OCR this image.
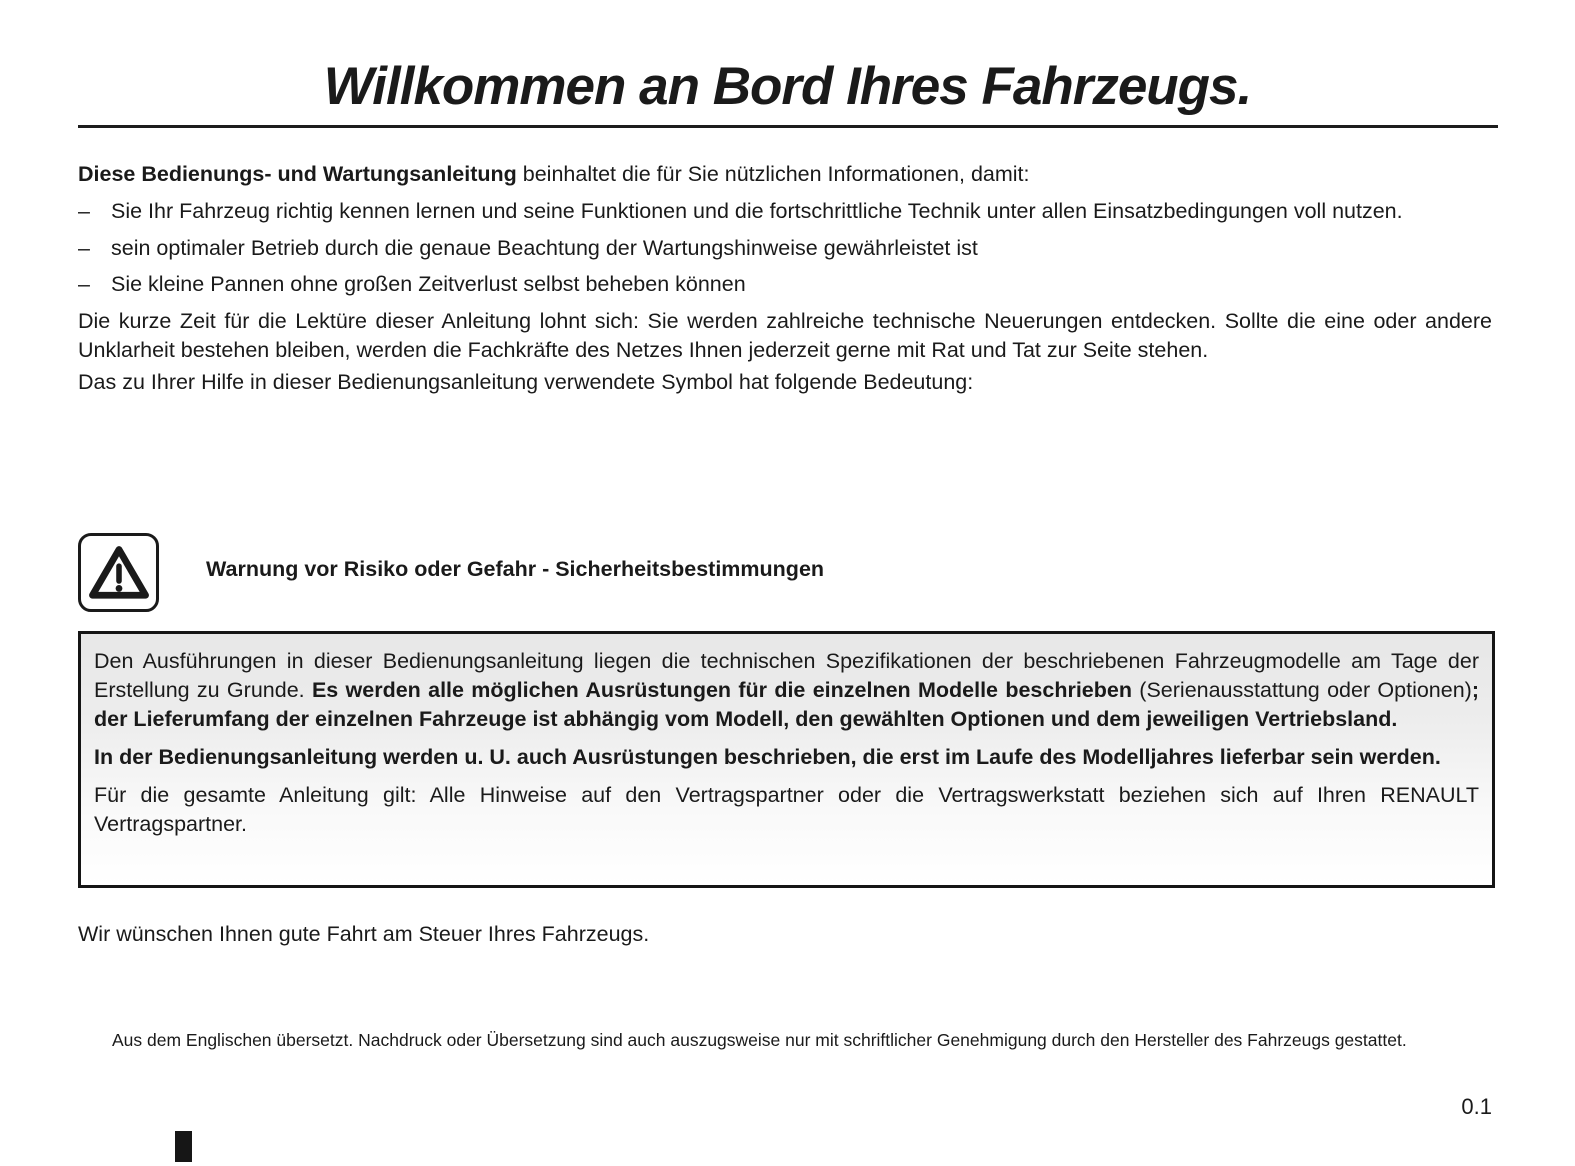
Willkommen an Bord Ihres Fahrzeugs.
Diese Bedienungs- und Wartungsanleitung beinhaltet die für Sie nützlichen Informationen, damit:
– Sie Ihr Fahrzeug richtig kennen lernen und seine Funktionen und die fortschrittliche Technik unter allen Einsatzbedingungen voll nutzen.
– sein optimaler Betrieb durch die genaue Beachtung der Wartungshinweise gewährleistet ist
– Sie kleine Pannen ohne großen Zeitverlust selbst beheben können
Die kurze Zeit für die Lektüre dieser Anleitung lohnt sich: Sie werden zahlreiche technische Neuerungen entdecken. Sollte die eine oder andere Unklarheit bestehen bleiben, werden die Fachkräfte des Netzes Ihnen jederzeit gerne mit Rat und Tat zur Seite stehen.
Das zu Ihrer Hilfe in dieser Bedienungsanleitung verwendete Symbol hat folgende Bedeutung:
Warnung vor Risiko oder Gefahr - Sicherheitsbestimmungen

Den Ausführungen in dieser Bedienungsanleitung liegen die technischen Spezifikationen der beschriebenen Fahrzeugmodelle am Tage der Erstellung zu Grunde. Es werden alle möglichen Ausrüstungen für die einzelnen Modelle beschrieben (Serienausstattung oder Optionen); der Lieferumfang der einzelnen Fahrzeuge ist abhängig vom Modell, den gewählten Optionen und dem jeweiligen Vertriebsland.

In der Bedienungsanleitung werden u. U. auch Ausrüstungen beschrieben, die erst im Laufe des Modelljahres lieferbar sein werden.

Für die gesamte Anleitung gilt: Alle Hinweise auf den Vertragspartner oder die Vertragswerkstatt beziehen sich auf Ihren RENAULT Vertragspartner.

Wir wünschen Ihnen gute Fahrt am Steuer Ihres Fahrzeugs.
Aus dem Englischen übersetzt. Nachdruck oder Übersetzung sind auch auszugsweise nur mit schriftlicher Genehmigung durch den Hersteller des Fahrzeugs gestattet.
0.1
